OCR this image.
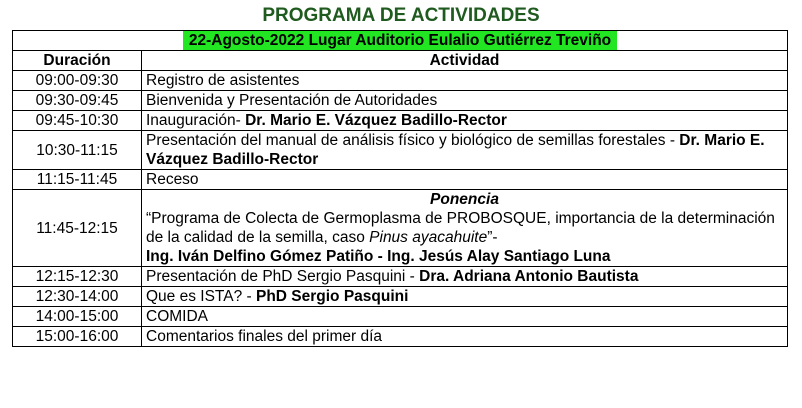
PROGRAMA DE ACTIVIDADES
22-Agosto-2022 Lugar Auditorio Eulalio Gutiérrez Treviño	
Duración	Actividad
09:00-09:30	Registro de asistentes
09:30-09:45	Bienvenida y Presentación de Autoridades
09:45-10:30	Inauguración- Dr. Mario E. Vázquez Badillo-Rector
10:30-11:15	Presentación del manual de análisis físico y biológico de semillas forestales - Dr. Mario E. Vázquez Badillo-Rector
11:15-11:45	Receso
11:45-12:15	Ponencia
“Programa de Colecta de Germoplasma de PROBOSQUE, importancia de la determinación de la calidad de la semilla, caso Pinus ayacahuite”-
Ing. Iván Delfino Gómez Patiño - Ing. Jesús Alay Santiago Luna
12:15-12:30	Presentación de PhD Sergio Pasquini - Dra. Adriana Antonio Bautista
12:30-14:00	Que es ISTA? - PhD Sergio Pasquini
14:00-15:00	COMIDA
15:00-16:00	Comentarios finales del primer día
